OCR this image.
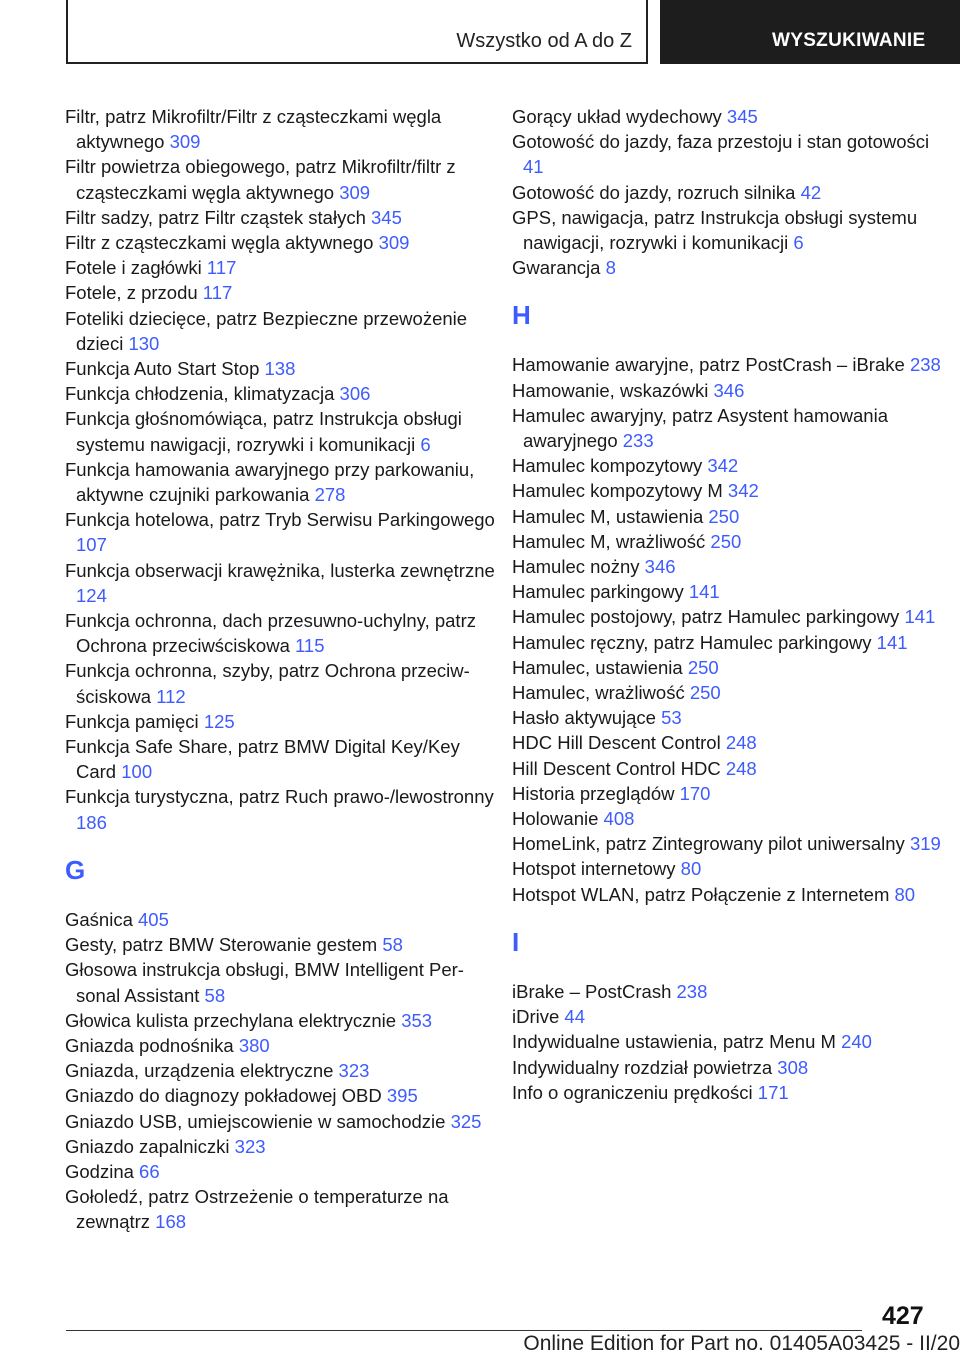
Wszystko od A do Z	WYSZUKIWANIE
Filtr, patrz Mikrofiltr/Filtr z cząsteczkami węgla aktywnego 309
Filtr powietrza obiegowego, patrz Mikrofiltr/filtr z cząsteczkami węgla aktywnego 309
Filtr sadzy, patrz Filtr cząstek stałych 345
Filtr z cząsteczkami węgla aktywnego 309
Fotele i zagłówki 117
Fotele, z przodu 117
Foteliki dziecięce, patrz Bezpieczne przewożenie dzieci 130
Funkcja Auto Start Stop 138
Funkcja chłodzenia, klimatyzacja 306
Funkcja głośnomówiąca, patrz Instrukcja obsługi systemu nawigacji, rozrywki i komunikacji 6
Funkcja hamowania awaryjnego przy parkowaniu, aktywne czujniki parkowania 278
Funkcja hotelowa, patrz Tryb Serwisu Parkingowego 107
Funkcja obserwacji krawężnika, lusterka zewnętrzne 124
Funkcja ochronna, dach przesuwno-uchylny, patrz Ochrona przeciwściskowa 115
Funkcja ochronna, szyby, patrz Ochrona przeciwściskowa 112
Funkcja pamięci 125
Funkcja Safe Share, patrz BMW Digital Key/Key Card 100
Funkcja turystyczna, patrz Ruch prawo-/lewostronny 186
G
Gaśnica 405
Gesty, patrz BMW Sterowanie gestem 58
Głosowa instrukcja obsługi, BMW Intelligent Personal Assistant 58
Głowica kulista przechylana elektrycznie 353
Gniazda podnośnika 380
Gniazda, urządzenia elektryczne 323
Gniazdo do diagnozy pokładowej OBD 395
Gniazdo USB, umiejscowienie w samochodzie 325
Gniazdo zapalniczki 323
Godzina 66
Gołoledź, patrz Ostrzeżenie o temperaturze na zewnątrz 168
Gorący układ wydechowy 345
Gotowość do jazdy, faza przestoju i stan gotowości 41
Gotowość do jazdy, rozruch silnika 42
GPS, nawigacja, patrz Instrukcja obsługi systemu nawigacji, rozrywki i komunikacji 6
Gwarancja 8
H
Hamowanie awaryjne, patrz PostCrash – iBrake 238
Hamowanie, wskazówki 346
Hamulec awaryjny, patrz Asystent hamowania awaryjnego 233
Hamulec kompozytowy 342
Hamulec kompozytowy M 342
Hamulec M, ustawienia 250
Hamulec M, wrażliwość 250
Hamulec nożny 346
Hamulec parkingowy 141
Hamulec postojowy, patrz Hamulec parkingowy 141
Hamulec ręczny, patrz Hamulec parkingowy 141
Hamulec, ustawienia 250
Hamulec, wrażliwość 250
Hasło aktywujące 53
HDC Hill Descent Control 248
Hill Descent Control HDC 248
Historia przeglądów 170
Holowanie 408
HomeLink, patrz Zintegrowany pilot uniwersalny 319
Hotspot internetowy 80
Hotspot WLAN, patrz Połączenie z Internetem 80
I
iBrake – PostCrash 238
iDrive 44
Indywidualne ustawienia, patrz Menu M 240
Indywidualny rozdział powietrza 308
Info o ograniczeniu prędkości 171
427
Online Edition for Part no. 01405A03425 - II/20
